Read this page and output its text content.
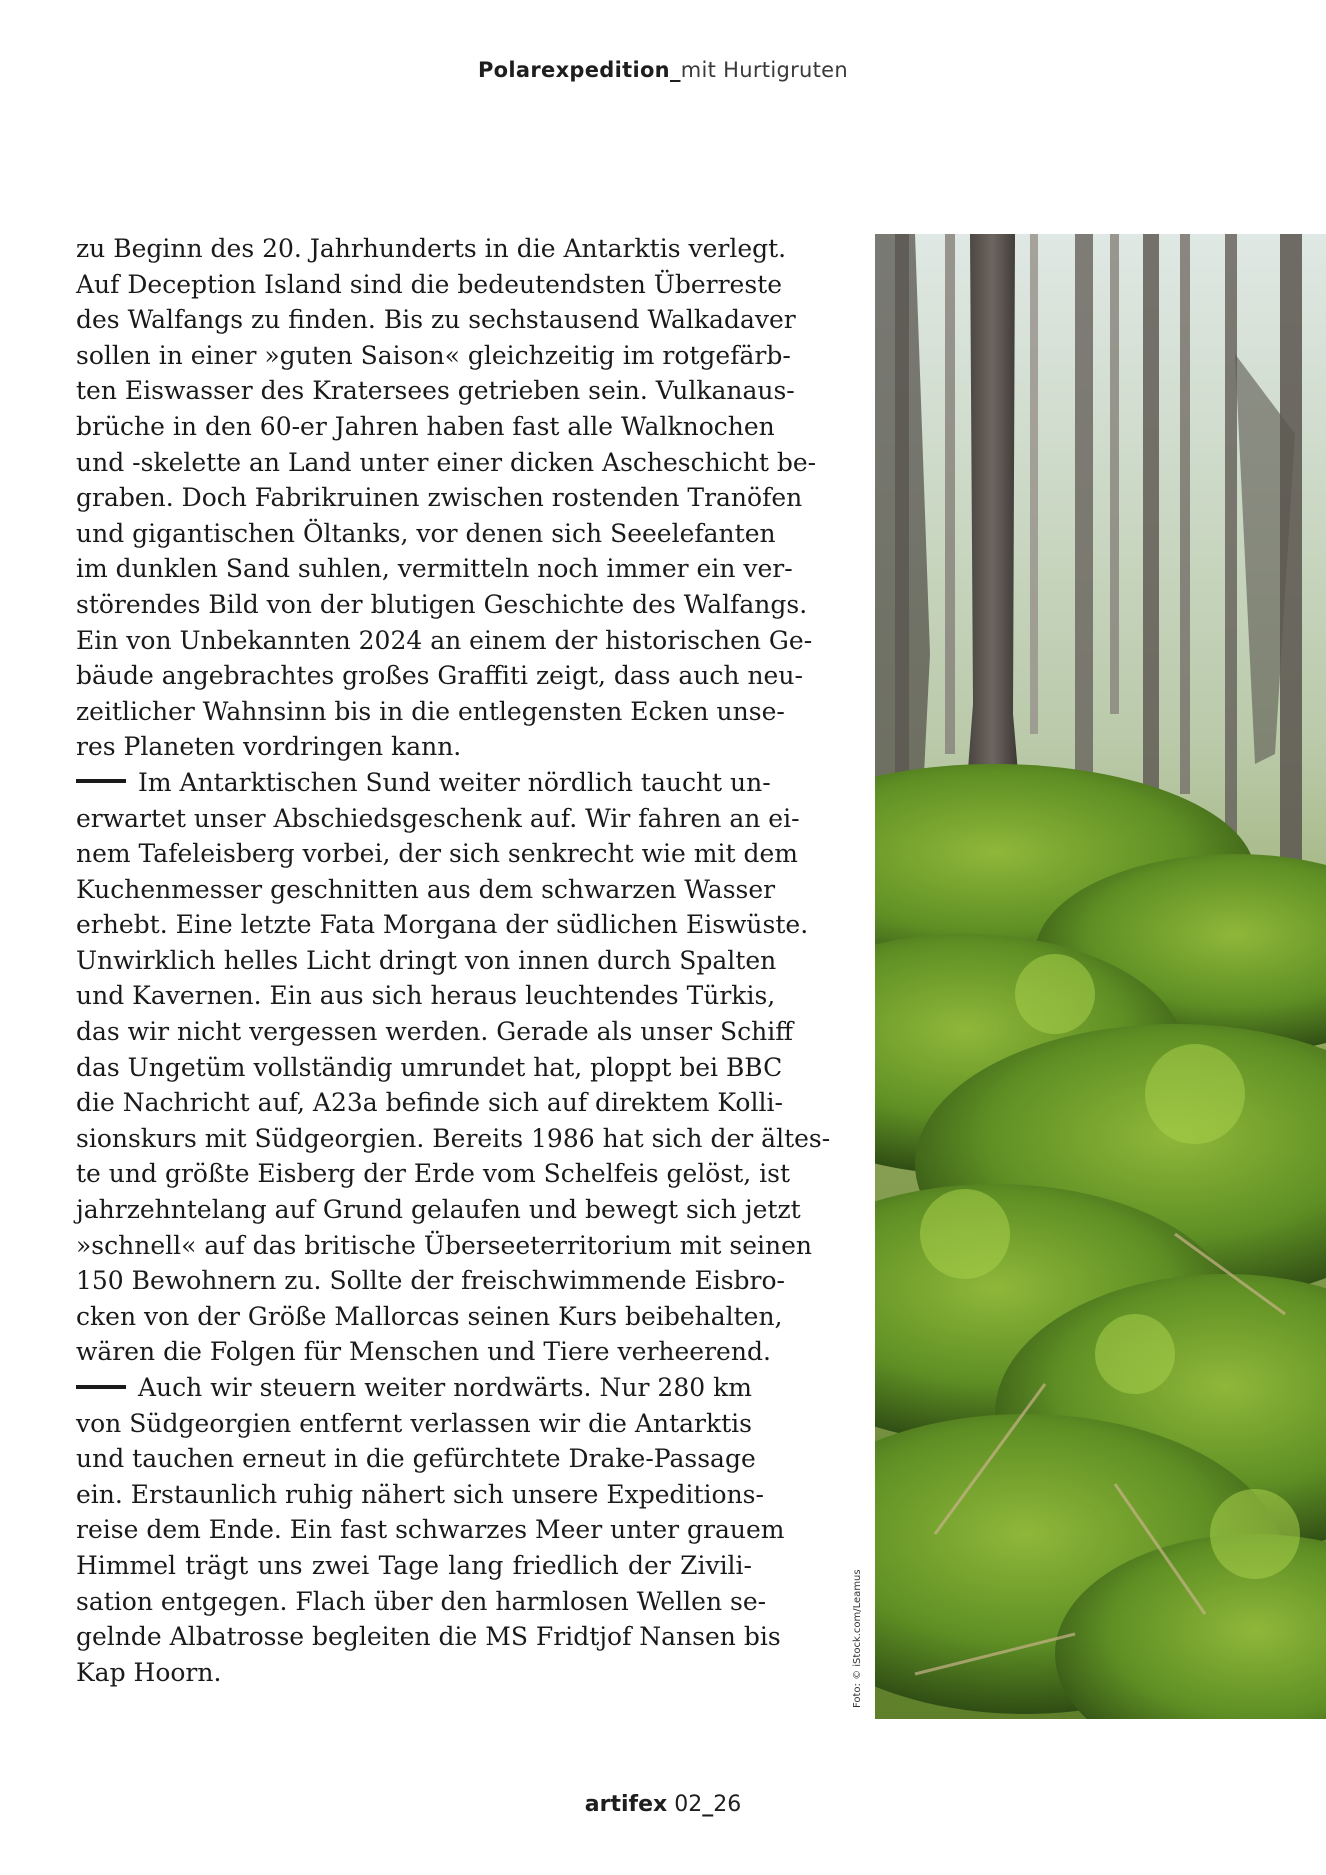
Polarexpedition_mit Hurtigruten
zu Beginn des 20. Jahrhunderts in die Antarktis verlegt.
Auf Deception Island sind die bedeutendsten Überreste
des Walfangs zu finden. Bis zu sechstausend Walkadaver
sollen in einer »guten Saison« gleichzeitig im rotgefärb-
ten Eiswasser des Kratersees getrieben sein. Vulkanaus-
brüche in den 60-er Jahren haben fast alle Walknochen
und -skelette an Land unter einer dicken Ascheschicht be-
graben. Doch Fabrikruinen zwischen rostenden Tranöfen
und gigantischen Öltanks, vor denen sich Seeelefanten
im dunklen Sand suhlen, vermitteln noch immer ein ver-
störendes Bild von der blutigen Geschichte des Walfangs.
Ein von Unbekannten 2024 an einem der historischen Ge-
bäude angebrachtes großes Graffiti zeigt, dass auch neu-
zeitlicher Wahnsinn bis in die entlegensten Ecken unse-
res Planeten vordringen kann.
Im Antarktischen Sund weiter nördlich taucht un-
erwartet unser Abschiedsgeschenk auf. Wir fahren an ei-
nem Tafeleisberg vorbei, der sich senkrecht wie mit dem
Kuchenmesser geschnitten aus dem schwarzen Wasser
erhebt. Eine letzte Fata Morgana der südlichen Eiswüste.
Unwirklich helles Licht dringt von innen durch Spalten
und Kavernen. Ein aus sich heraus leuchtendes Türkis,
das wir nicht vergessen werden. Gerade als unser Schiff
das Ungetüm vollständig umrundet hat, ploppt bei BBC
die Nachricht auf, A23a befinde sich auf direktem Kolli-
sionskurs mit Südgeorgien. Bereits 1986 hat sich der ältes-
te und größte Eisberg der Erde vom Schelfeis gelöst, ist
jahrzehntelang auf Grund gelaufen und bewegt sich jetzt
»schnell« auf das britische Überseeterritorium mit seinen
150 Bewohnern zu. Sollte der freischwimmende Eisbro-
cken von der Größe Mallorcas seinen Kurs beibehalten,
wären die Folgen für Menschen und Tiere verheerend.
Auch wir steuern weiter nordwärts. Nur 280 km
von Südgeorgien entfernt verlassen wir die Antarktis
und tauchen erneut in die gefürchtete Drake-Passage
ein. Erstaunlich ruhig nähert sich unsere Expeditions-
reise dem Ende. Ein fast schwarzes Meer unter grauem
Himmel trägt uns zwei Tage lang friedlich der Zivili-
sation entgegen. Flach über den harmlosen Wellen se-
gelnde Albatrosse begleiten die MS Fridtjof Nansen bis
Kap Hoorn.	Foto: © iStock.com/Leamus
artifex 02_26
